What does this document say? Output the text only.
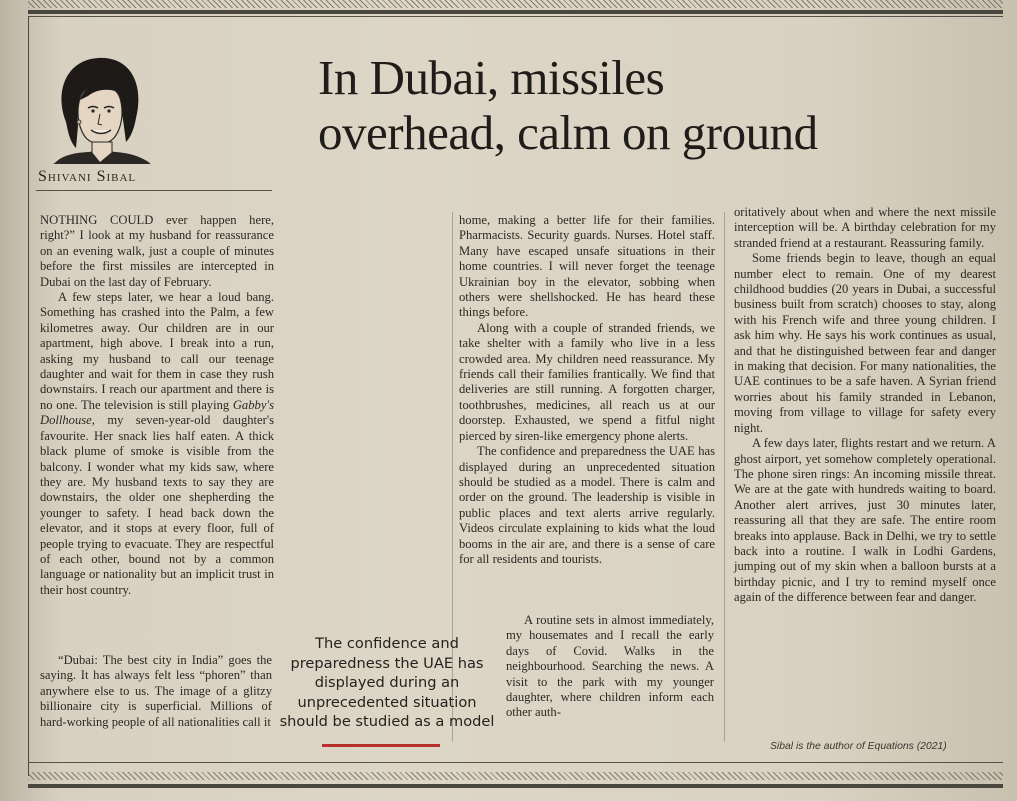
Shivani Sibal
In Dubai, missiles
overhead, calm on ground

NOTHING COULD ever happen here, right?” I look at my husband for reassurance on an evening walk, just a couple of minutes before the first missiles are intercepted in Dubai on the last day of February.

A few steps later, we hear a loud bang. Something has crashed into the Palm, a few kilometres away. Our children are in our apartment, high above. I break into a run, asking my husband to call our teenage daughter and wait for them in case they rush downstairs. I reach our apartment and there is no one. The television is still playing Gabby's Dollhouse, my seven-year-old daughter's favourite. Her snack lies half eaten. A thick black plume of smoke is visible from the balcony. I wonder what my kids saw, where they are. My husband texts to say they are downstairs, the older one shepherding the younger to safety. I head back down the elevator, and it stops at every floor, full of people trying to evacuate. They are respectful of each other, bound not by a common language or nationality but an implicit trust in their host country.

“Dubai: The best city in India” goes the saying. It has always felt less “phoren” than anywhere else to us. The image of a glitzy billionaire city is superficial. Millions of hard-working people of all nationalities call it

home, making a better life for their families. Pharmacists. Security guards. Nurses. Hotel staff. Many have escaped unsafe situations in their home countries. I will never forget the teenage Ukrainian boy in the elevator, sobbing when others were shellshocked. He has heard these things before.

Along with a couple of stranded friends, we take shelter with a family who live in a less crowded area. My children need reassurance. My friends call their families frantically. We find that deliveries are still running. A forgotten charger, toothbrushes, medicines, all reach us at our doorstep. Exhausted, we spend a fitful night pierced by siren-like emergency phone alerts.

The confidence and preparedness the UAE has displayed during an unprecedented situation should be studied as a model. There is calm and order on the ground. The leadership is visible in public places and text alerts arrive regularly. Videos circulate explaining to kids what the loud booms in the air are, and there is a sense of care for all residents and tourists.

A routine sets in almost immediately, my housemates and I recall the early days of Covid. Walks in the neighbourhood. Searching the news. A visit to the park with my younger daughter, where children inform each other auth-

oritatively about when and where the next missile interception will be. A birthday celebration for my stranded friend at a restaurant. Reassuring family.

Some friends begin to leave, though an equal number elect to remain. One of my dearest childhood buddies (20 years in Dubai, a successful business built from scratch) chooses to stay, along with his French wife and three young children. I ask him why. He says his work continues as usual, and that he distinguished between fear and danger in making that decision. For many nationalities, the UAE continues to be a safe haven. A Syrian friend worries about his family stranded in Lebanon, moving from village to village for safety every night.

A few days later, flights restart and we return. A ghost airport, yet somehow completely operational. The phone siren rings: An incoming missile threat. We are at the gate with hundreds waiting to board. Another alert arrives, just 30 minutes later, reassuring all that they are safe. The entire room breaks into applause. Back in Delhi, we try to settle back into a routine. I walk in Lodhi Gardens, jumping out of my skin when a balloon bursts at a birthday picnic, and I try to remind myself once again of the difference between fear and danger.

The confidence and preparedness the UAE has displayed during an unprecedented situation should be studied as a model
Sibal is the author of Equations (2021)
